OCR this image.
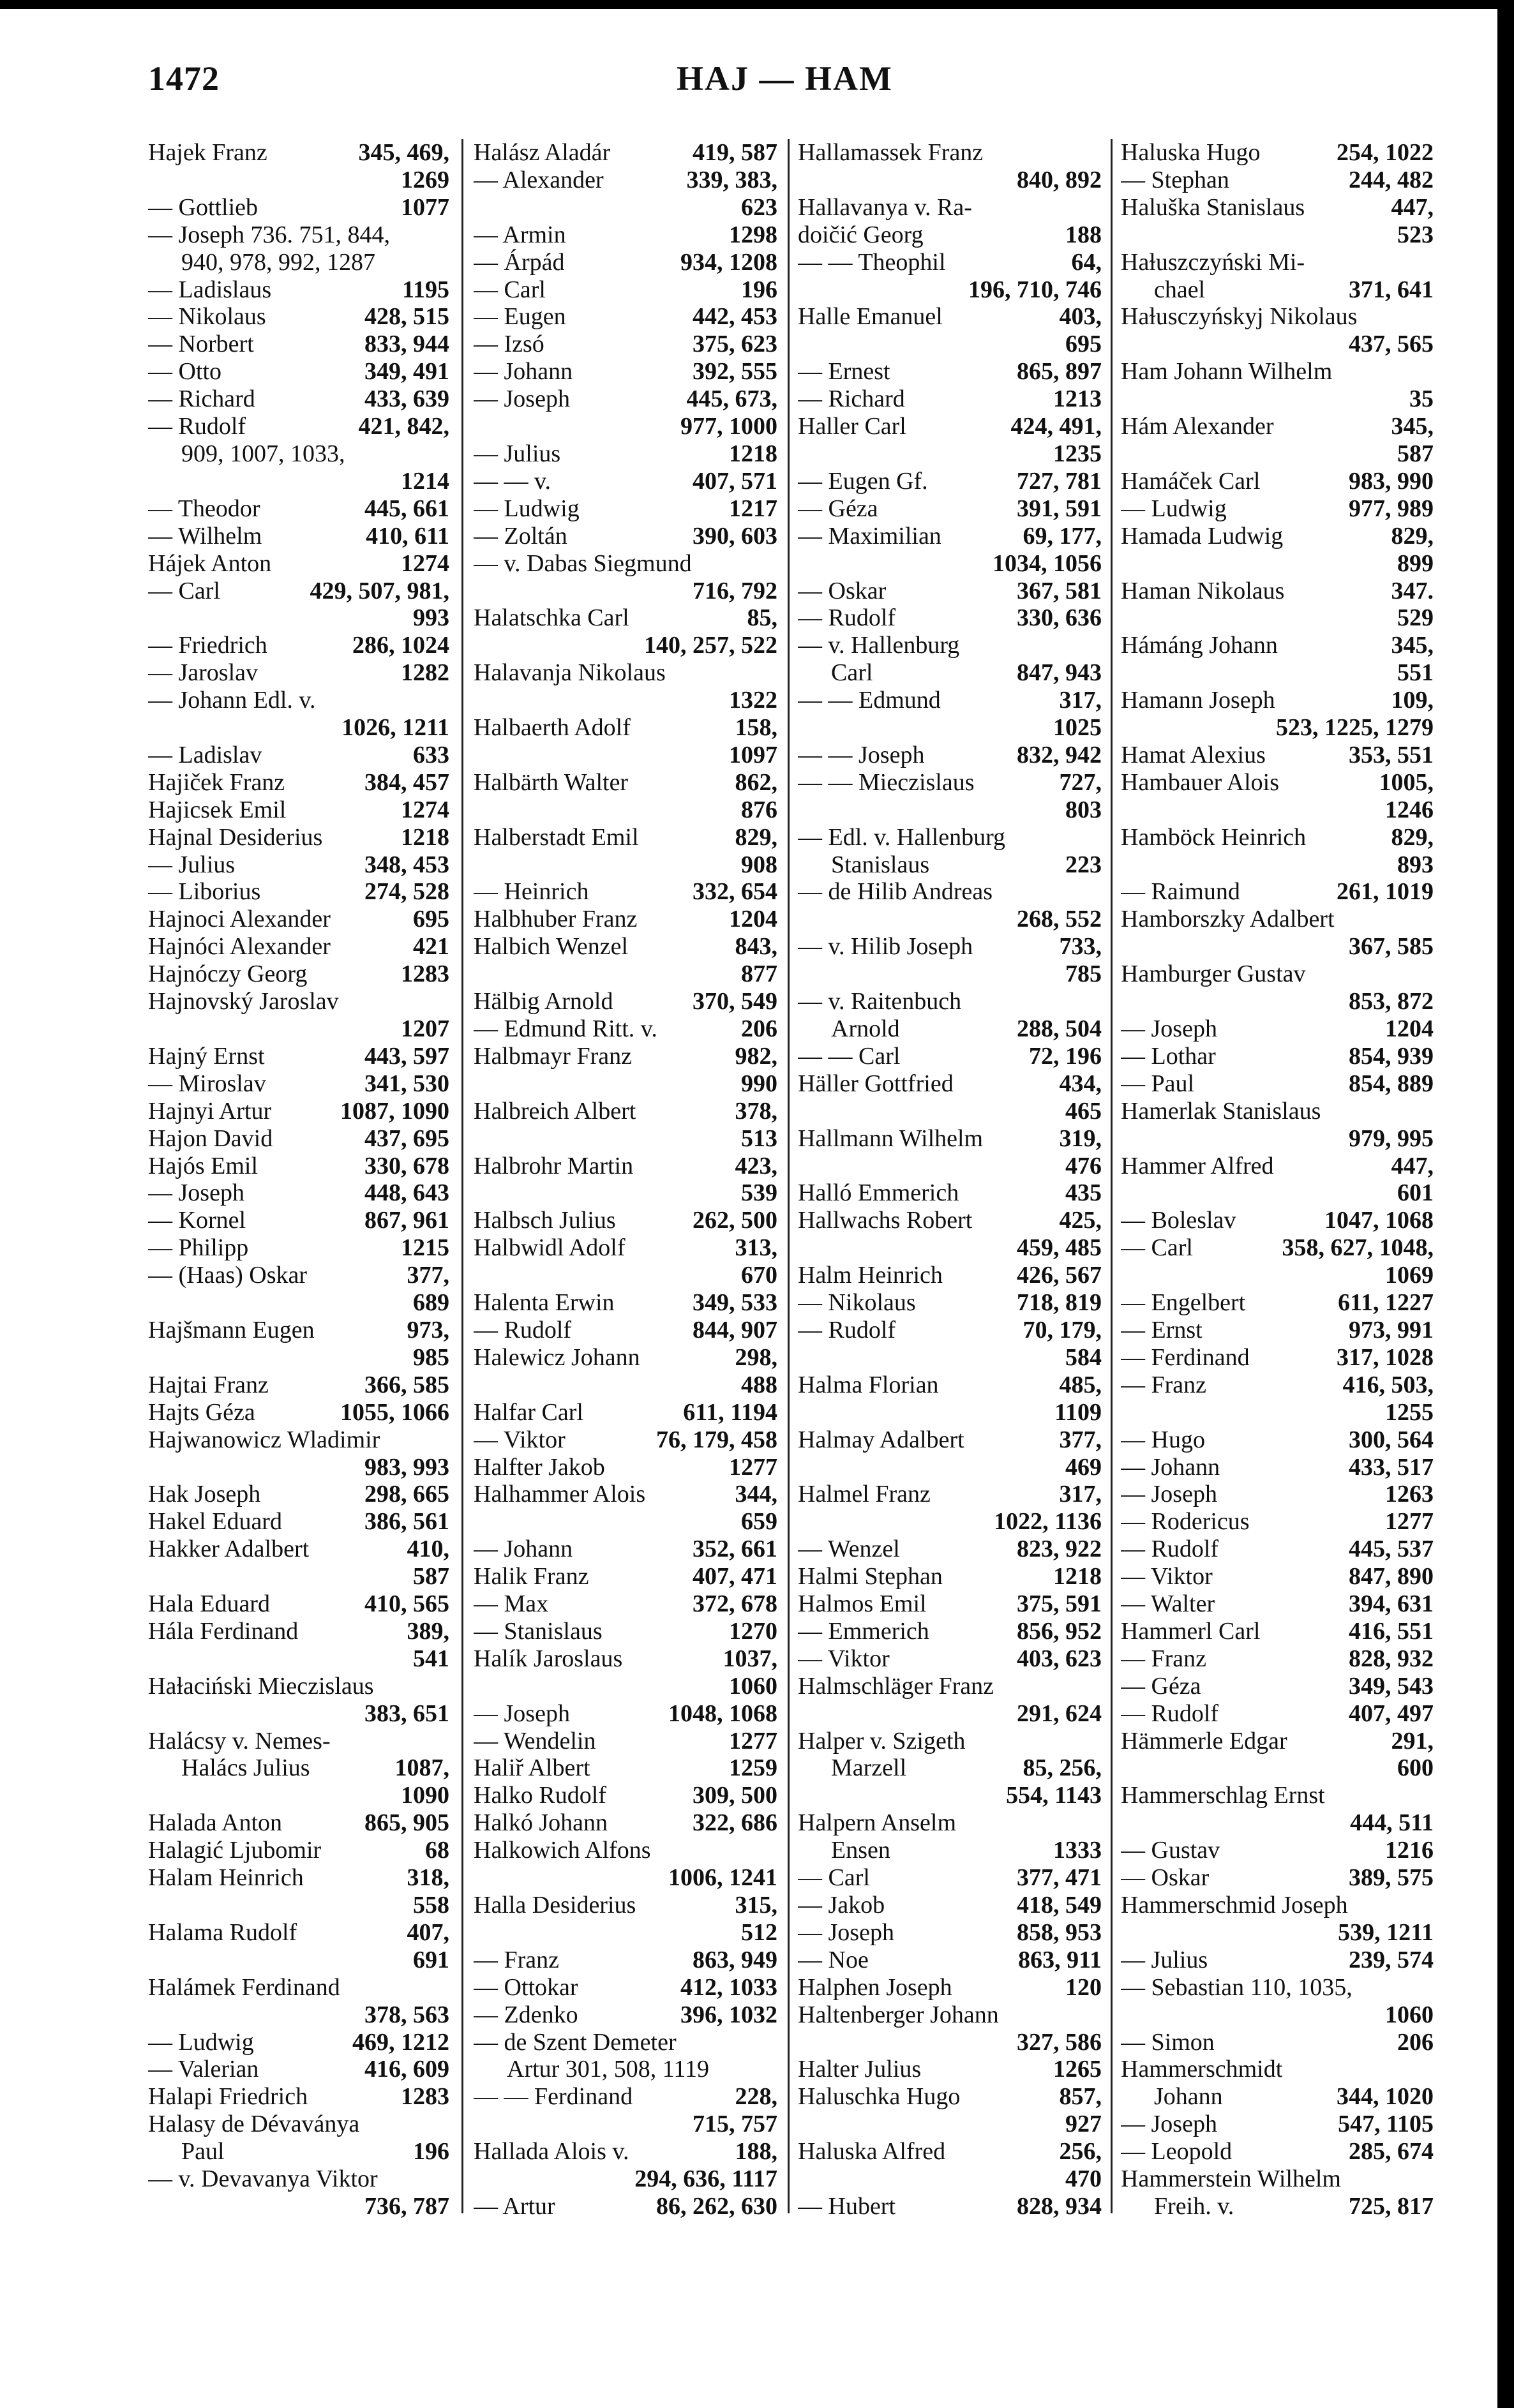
1472	HAJ — HAM
Hajek Franz	345, 469,
1269
— Gottlieb	1077
— Joseph 736. 751, 844,
940, 978, 992, 1287
— Ladislaus	1195
— Nikolaus	428, 515
— Norbert	833, 944
— Otto	349, 491
— Richard	433, 639
— Rudolf	421, 842,
909, 1007, 1033,
1214
— Theodor	445, 661
— Wilhelm	410, 611
Hájek Anton	1274
— Carl	429, 507, 981,
993
— Friedrich	286, 1024
— Jaroslav	1282
— Johann Edl. v.
1026, 1211
— Ladislav	633
Hajiček Franz	384, 457
Hajicsek Emil	1274
Hajnal Desiderius	1218
— Julius	348, 453
— Liborius	274, 528
Hajnoci Alexander	695
Hajnóci Alexander	421
Hajnóczy Georg	1283
Hajnovský Jaroslav
1207
Hajný Ernst	443, 597
— Miroslav	341, 530
Hajnyi Artur	1087, 1090
Hajon David	437, 695
Hajós Emil	330, 678
— Joseph	448, 643
— Kornel	867, 961
— Philipp	1215
— (Haas) Oskar	377,
689
Hajšmann Eugen	973,
985
Hajtai Franz	366, 585
Hajts Géza	1055, 1066
Hajwanowicz Wladimir
983, 993
Hak Joseph	298, 665
Hakel Eduard	386, 561
Hakker Adalbert	410,
587
Hala Eduard	410, 565
Hála Ferdinand	389,
541
Haɫaciński Mieczislaus
383, 651
Halácsy v. Nemes-
Halács Julius	1087,
1090
Halada Anton	865, 905
Halagić Ljubomir	68
Halam Heinrich	318,
558
Halama Rudolf	407,
691
Halámek Ferdinand
378, 563
— Ludwig	469, 1212
— Valerian	416, 609
Halapi Friedrich	1283
Halasy de Dévaványa
Paul	196
— v. Devavanya Viktor
736, 787
Halász Aladár	419, 587
— Alexander	339, 383,
623
— Armin	1298
— Árpád	934, 1208
— Carl	196
— Eugen	442, 453
— Izsó	375, 623
— Johann	392, 555
— Joseph	445, 673,
977, 1000
— Julius	1218
— — v.	407, 571
— Ludwig	1217
— Zoltán	390, 603
— v. Dabas Siegmund
716, 792
Halatschka Carl	85,
140, 257, 522
Halavanja Nikolaus
1322
Halbaerth Adolf	158,
1097
Halbärth Walter	862,
876
Halberstadt Emil	829,
908
— Heinrich	332, 654
Halbhuber Franz	1204
Halbich Wenzel	843,
877
Hälbig Arnold	370, 549
— Edmund Ritt. v.	206
Halbmayr Franz	982,
990
Halbreich Albert	378,
513
Halbrohr Martin	423,
539
Halbsch Julius	262, 500
Halbwidl Adolf	313,
670
Halenta Erwin	349, 533
— Rudolf	844, 907
Halewicz Johann	298,
488
Halfar Carl	611, 1194
— Viktor	76, 179, 458
Halfter Jakob	1277
Halhammer Alois	344,
659
— Johann	352, 661
Halik Franz	407, 471
— Max	372, 678
— Stanislaus	1270
Halík Jaroslaus	1037,
1060
— Joseph	1048, 1068
— Wendelin	1277
Haliř Albert	1259
Halko Rudolf	309, 500
Halkó Johann	322, 686
Halkowich Alfons
1006, 1241
Halla Desiderius	315,
512
— Franz	863, 949
— Ottokar	412, 1033
— Zdenko	396, 1032
— de Szent Demeter
Artur 301, 508, 1119
— — Ferdinand	228,
715, 757
Hallada Alois v.	188,
294, 636, 1117
— Artur	86, 262, 630
Hallamassek Franz
840, 892
Hallavanya v. Ra-
doičić Georg	188
— — Theophil	64,
196, 710, 746
Halle Emanuel	403,
695
— Ernest	865, 897
— Richard	1213
Haller Carl	424, 491,
1235
— Eugen Gf.	727, 781
— Géza	391, 591
— Maximilian	69, 177,
1034, 1056
— Oskar	367, 581
— Rudolf	330, 636
— v. Hallenburg
Carl	847, 943
— — Edmund	317,
1025
— — Joseph	832, 942
— — Mieczislaus	727,
803
— Edl. v. Hallenburg
Stanislaus	223
— de Hilib Andreas
268, 552
— v. Hilib Joseph	733,
785
— v. Raitenbuch
Arnold	288, 504
— — Carl	72, 196
Häller Gottfried	434,
465
Hallmann Wilhelm	319,
476
Halló Emmerich	435
Hallwachs Robert	425,
459, 485
Halm Heinrich	426, 567
— Nikolaus	718, 819
— Rudolf	70, 179,
584
Halma Florian	485,
1109
Halmay Adalbert	377,
469
Halmel Franz	317,
1022, 1136
— Wenzel	823, 922
Halmi Stephan	1218
Halmos Emil	375, 591
— Emmerich	856, 952
— Viktor	403, 623
Halmschläger Franz
291, 624
Halper v. Szigeth
Marzell	85, 256,
554, 1143
Halpern Anselm
Ensen	1333
— Carl	377, 471
— Jakob	418, 549
— Joseph	858, 953
— Noe	863, 911
Halphen Joseph	120
Haltenberger Johann
327, 586
Halter Julius	1265
Haluschka Hugo	857,
927
Haluska Alfred	256,
470
— Hubert	828, 934
Haluska Hugo	254, 1022
— Stephan	244, 482
Haluška Stanislaus	447,
523
Haɫuszczyński Mi-
chael	371, 641
Haɫusczyńskyj Nikolaus
437, 565
Ham Johann Wilhelm
35
Hám Alexander	345,
587
Hamáček Carl	983, 990
— Ludwig	977, 989
Hamada Ludwig	829,
899
Haman Nikolaus	347.
529
Hámáng Johann	345,
551
Hamann Joseph	109,
523, 1225, 1279
Hamat Alexius	353, 551
Hambauer Alois	1005,
1246
Hamböck Heinrich	829,
893
— Raimund	261, 1019
Hamborszky Adalbert
367, 585
Hamburger Gustav
853, 872
— Joseph	1204
— Lothar	854, 939
— Paul	854, 889
Hamerlak Stanislaus
979, 995
Hammer Alfred	447,
601
— Boleslav	1047, 1068
— Carl	358, 627, 1048,
1069
— Engelbert	611, 1227
— Ernst	973, 991
— Ferdinand	317, 1028
— Franz	416, 503,
1255
— Hugo	300, 564
— Johann	433, 517
— Joseph	1263
— Rodericus	1277
— Rudolf	445, 537
— Viktor	847, 890
— Walter	394, 631
Hammerl Carl	416, 551
— Franz	828, 932
— Géza	349, 543
— Rudolf	407, 497
Hämmerle Edgar	291,
600
Hammerschlag Ernst
444, 511
— Gustav	1216
— Oskar	389, 575
Hammerschmid Joseph
539, 1211
— Julius	239, 574
— Sebastian 110, 1035,
1060
— Simon	206
Hammerschmidt
Johann	344, 1020
— Joseph	547, 1105
— Leopold	285, 674
Hammerstein Wilhelm
Freih. v.	725, 817
